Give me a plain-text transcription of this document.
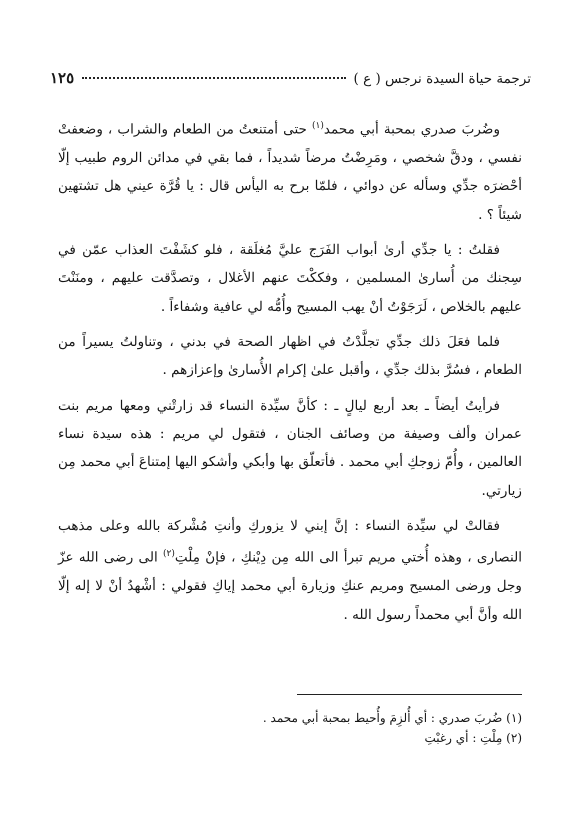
ترجمة حياة السيدة نرجس ( ع )
١٢٥

وضُربَ صدري بمحبة أبي محمد$^{(١)}$ حتى أمتنعتُ من الطعام والشراب ، وضعفتْ نفسي ، ودقَّ شخصي ، ومَرِضْتُ مرضاً شديداً ، فما بقي في مدائن الروم طبيب إلّا أحْضرَه جدِّي وسأله عن دوائي ، فلمّا برح به اليأس قال : يا قُرَّة عيني هل تشتهين شيئاً ؟ .

فقلتُ : يا جدِّي أرىٰ أبواب الفَرَج عليَّ مُغلَقة ، فلو كشَفْتَ العذاب عمّن في سِجنك من أُسارىٰ المسلمين ، وفككْتَ عنهم الأغلال ، وتصدَّقت عليهم ، ومنَنْتَ عليهم بالخلاص ، لَرَجَوْتُ أنْ يهب المسيح وأُمُّه لي عافية وشفاءاً .

فلما فعَلَ ذلك جدِّي تجلَّدْتُ في اظهار الصحة في بدني ، وتناولتُ يسيراً من الطعام ، فسُرَّ بذلك جدِّي ، وأقبل علىٰ إكرام الأُسارىٰ وإعزازهم .

فرأيتُ أيضاً ـ بعد أربع ليالٍ ـ : كأنَّ سيِّدة النساء قد زارتْني ومعها مريم بنت عمران وألف وصيفة من وصائف الجنان ، فتقول لي مريم : هذه سيدة نساء العالمين ، وأُمّ زوجكِ أبي محمد . فأتعلّق بها وأبكي وأشكو اليها إمتناعَ أبي محمد مِن زيارتي.

فقالتْ لي سيِّدة النساء : إنَّ إبني لا يزوركِ وأنتِ مُشْركة بالله وعلى مذهب النصارى ، وهذه أُختي مريم تبرأ الى الله مِن دِيْنكِ ، فإنْ مِلْتِ$^{(٢)}$ الى رضى الله عزّ وجل ورضى المسيح ومريم عنكِ وزيارة أبي محمد إياكِ فقولي : أشْهدُ أنْ لا إله إلّا الله وأنَّ أبي محمداً رسول الله .

(١) ضُربَ صدري : أي أُلزِمَ وأُحيط بمحبة أبي محمد .

(٢) مِلْتِ : أي رغبْتِ
